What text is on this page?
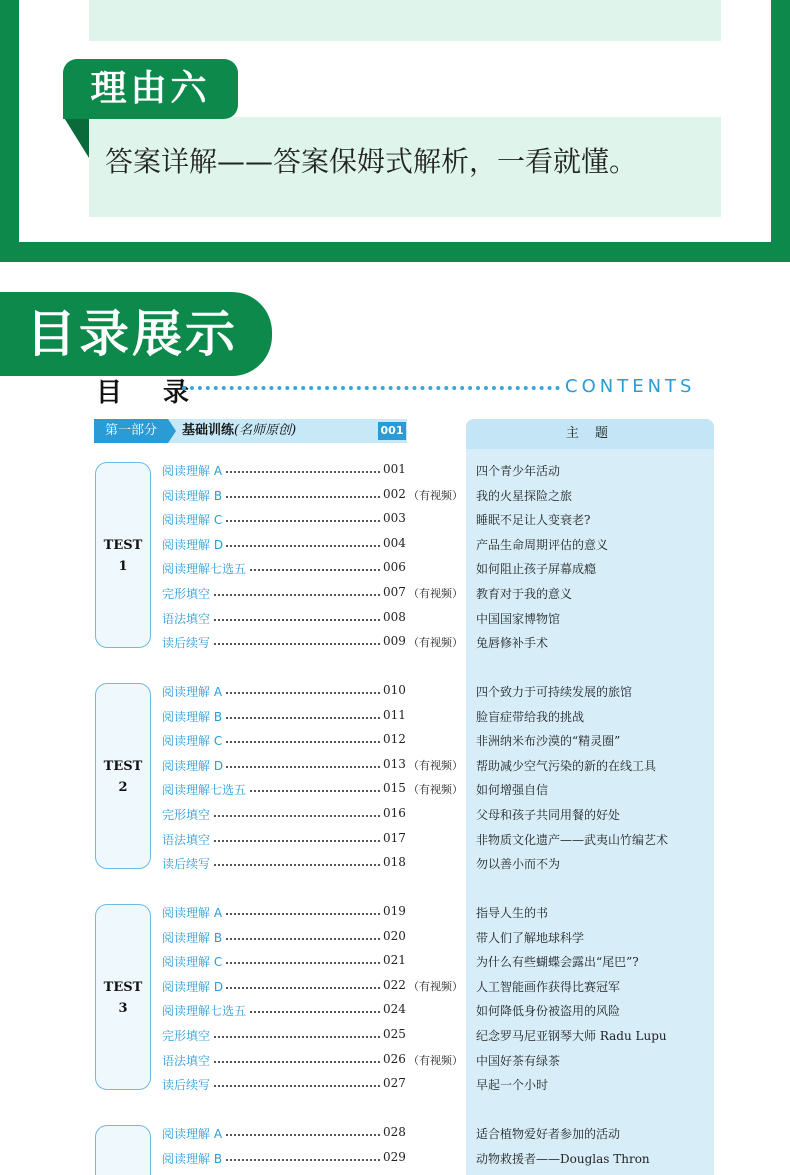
理由六
答案详解——答案保姆式解析，一看就懂。
目录展示
目 录	CONTENTS
第一部分	基础训练(名师原创)	001	主 题
TEST
1
阅读理解 A	001	四个青少年活动
阅读理解 B	002 （有视频） 我的火星探险之旅
阅读理解 C	003	睡眠不足让人变衰老?
阅读理解 D	004	产品生命周期评估的意义
阅读理解七选五	006	如何阻止孩子屏幕成瘾
完形填空	007 （有视频） 教育对于我的意义
语法填空	008	中国国家博物馆
读后续写	009 （有视频） 兔唇修补手术
TEST
2
阅读理解 A	010	四个致力于可持续发展的旅馆
阅读理解 B	011	脸盲症带给我的挑战
阅读理解 C	012	非洲纳米布沙漠的“精灵圈”
阅读理解 D	013 （有视频） 帮助减少空气污染的新的在线工具
阅读理解七选五	015 （有视频） 如何增强自信
完形填空	016	父母和孩子共同用餐的好处
语法填空	017	非物质文化遗产——武夷山竹编艺术
读后续写	018	勿以善小而不为
TEST
3
阅读理解 A	019	指导人生的书
阅读理解 B	020	带人们了解地球科学
阅读理解 C	021	为什么有些蝴蝶会露出“尾巴”?
阅读理解 D	022 （有视频） 人工智能画作获得比赛冠军
阅读理解七选五	024	如何降低身份被盗用的风险
完形填空	025	纪念罗马尼亚钢琴大师 Radu Lupu
语法填空	026 （有视频） 中国好茶有绿茶
读后续写	027	早起一个小时
阅读理解 A	028	适合植物爱好者参加的活动
阅读理解 B	029	动物救援者——Douglas Thron
